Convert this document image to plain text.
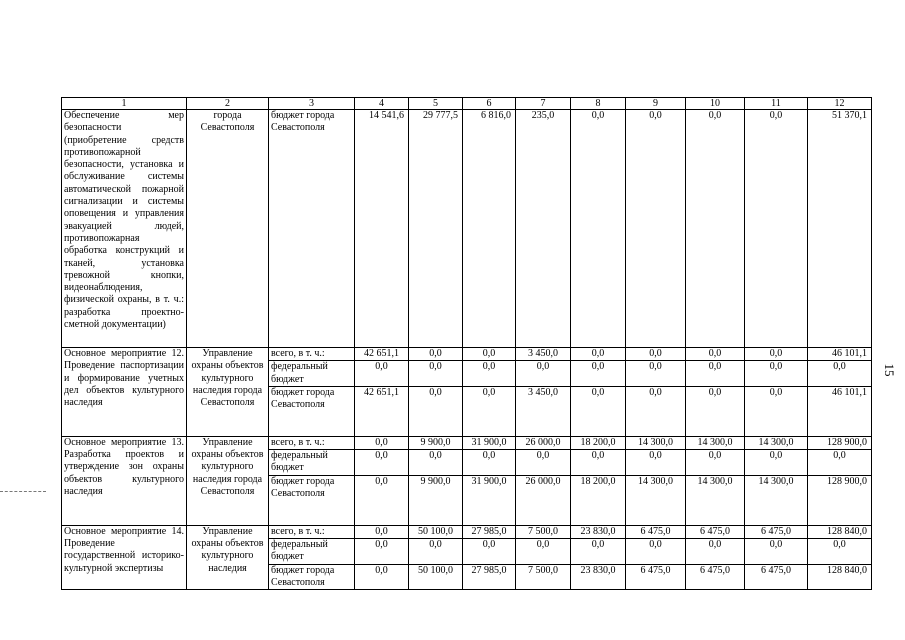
15
1	2	3	4	5	6	7	8	9	10	11	12
Обеспечение мер безопасности (приобретение средств противопожарной безопасности, установка и обслуживание системы автоматической пожарной сигнализации и системы оповещения и управления эвакуацией людей, противопожарная обработка конструкций и тканей, установка тревожной кнопки, видеонаблюдения, физической охраны, в т. ч.: разработка проектно-сметной документации)	города Севастополя	бюджет города Севастополя	14 541,6	29 777,5	6 816,0	235,0	0,0	0,0	0,0	0,0	51 370,1
Основное мероприятие 12. Проведение паспортизации и формирование учетных дел объектов культурного наследия	Управление охраны объектов культурного наследия города Севастополя	всего, в т. ч.:	42 651,1	0,0	0,0	3 450,0	0,0	0,0	0,0	0,0	46 101,1
		федеральный бюджет	0,0	0,0	0,0	0,0	0,0	0,0	0,0	0,0	0,0
		бюджет города Севастополя	42 651,1	0,0	0,0	3 450,0	0,0	0,0	0,0	0,0	46 101,1
Основное мероприятие 13. Разработка проектов и утверждение зон охраны объектов культурного наследия	Управление охраны объектов культурного наследия города Севастополя	всего, в т. ч.:	0,0	9 900,0	31 900,0	26 000,0	18 200,0	14 300,0	14 300,0	14 300,0	128 900,0
		федеральный бюджет	0,0	0,0	0,0	0,0	0,0	0,0	0,0	0,0	0,0
		бюджет города Севастополя	0,0	9 900,0	31 900,0	26 000,0	18 200,0	14 300,0	14 300,0	14 300,0	128 900,0
Основное мероприятие 14. Проведение государственной историко-культурной экспертизы	Управление охраны объектов культурного наследия	всего, в т. ч.:	0,0	50 100,0	27 985,0	7 500,0	23 830,0	6 475,0	6 475,0	6 475,0	128 840,0
		федеральный бюджет	0,0	0,0	0,0	0,0	0,0	0,0	0,0	0,0	0,0
		бюджет города Севастополя	0,0	50 100,0	27 985,0	7 500,0	23 830,0	6 475,0	6 475,0	6 475,0	128 840,0
